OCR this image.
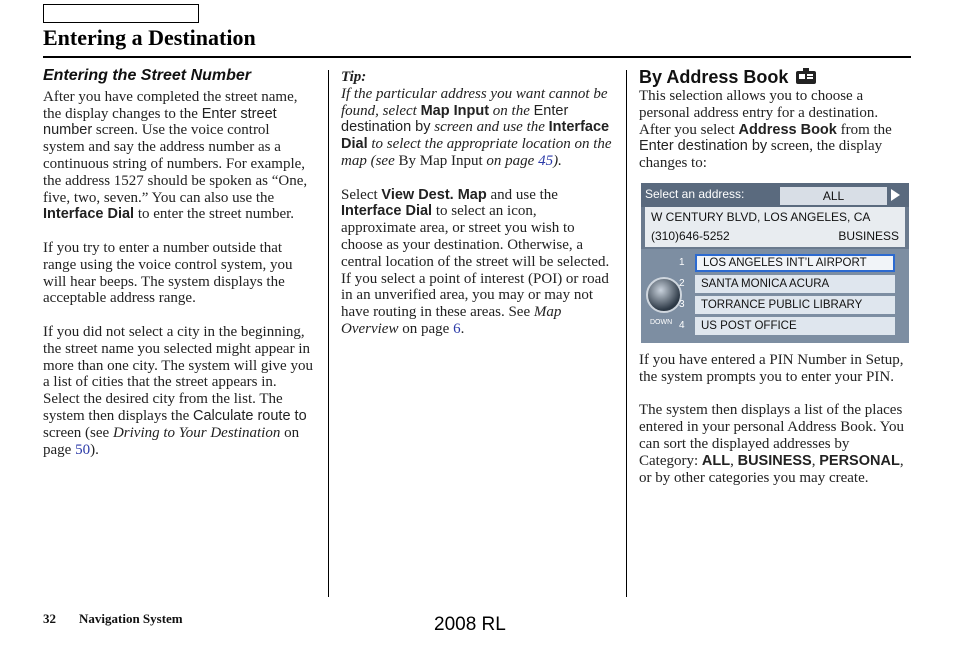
Entering a Destination
Entering the Street Number

After you have completed the street name, the display changes to the Enter street number screen. Use the voice control system and say the address number as a continuous string of numbers. For example, the address 1527 should be spoken as “One, five, two, seven.” You can also use the Interface Dial to enter the street number.

If you try to enter a number outside that range using the voice control system, you will hear beeps. The system displays the acceptable address range.

If you did not select a city in the beginning, the street name you selected might appear in more than one city. The system will give you a list of cities that the street appears in. Select the desired city from the list. The system then displays the Calculate route to screen (see Driving to Your Destination on page 50).

Tip:

If the particular address you want cannot be found, select Map Input on the Enter destination by screen and use the Interface Dial to select the appropriate location on the map (see By Map Input on page 45).

Select View Dest. Map and use the Interface Dial to select an icon, approximate area, or street you wish to choose as your destination. Otherwise, a central location of the street will be selected. If you select a point of interest (POI) or road in an unverified area, you may or may not have routing in these areas. See Map Overview on page 6.

By Address Book

This selection allows you to choose a personal address entry for a destination. After you select Address Book from the Enter destination by screen, the display changes to:

Select an address:	ALL
W CENTURY BLVD, LOS ANGELES, CA
(310)646-5252	BUSINESS
DOWN
1	LOS ANGELES INT’L AIRPORT
2	SANTA MONICA ACURA
3	TORRANCE PUBLIC LIBRARY
4	US POST OFFICE

If you have entered a PIN Number in Setup, the system prompts you to enter your PIN.

The system then displays a list of the places entered in your personal Address Book. You can sort the displayed addresses by Category: ALL, BUSINESS, PERSONAL, or by other categories you may create.

32 Navigation System	2008 RL
